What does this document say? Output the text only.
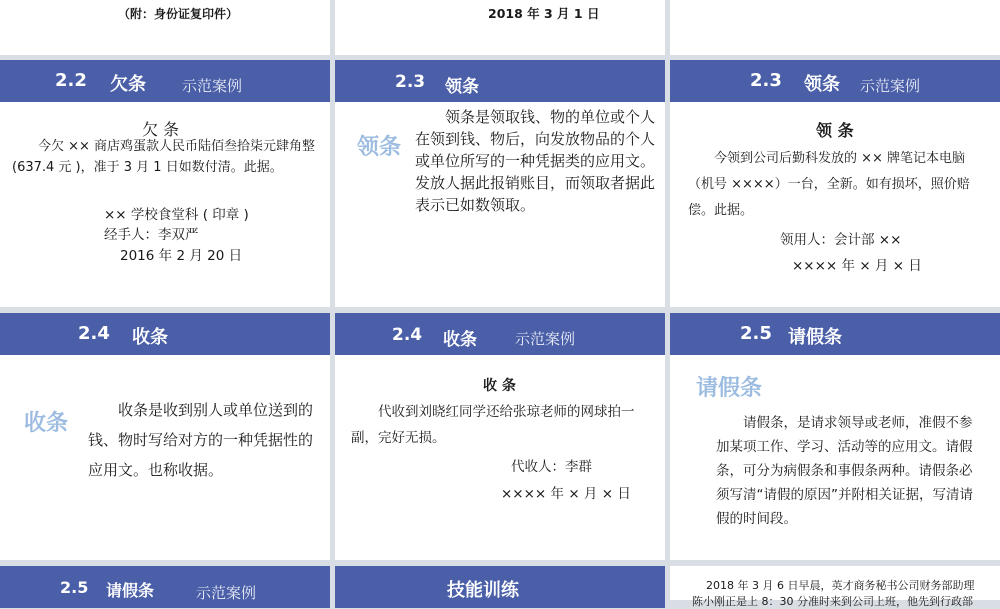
（附：身份证复印件）	2018 年 3 月 1 日
2.2 欠条 示范案例
欠 条
今欠 ×× 商店鸡蛋款人民币陆佰叁拾柒元肆角整 (637.4 元 )，准于 3 月 1 日如数付清。此据。
×× 学校食堂科 ( 印章 )
经手人：李双严
2016 年 2 月 20 日
2.3 领条
领条
领条是领取钱、物的单位或个人在领到钱、物后，向发放物品的个人或单位所写的一种凭据类的应用文。发放人据此报销账目，而领取者据此表示已如数领取。
2.3 领条 示范案例
领 条
今领到公司后勤科发放的 ×× 牌笔记本电脑（机号 ××××）一台，全新。如有损坏，照价赔偿。此据。
领用人：会计部 ××
×××× 年 × 月 × 日
2.4 收条
收条
收条是收到别人或单位送到的钱、物时写给对方的一种凭据性的应用文。也称收据。
2.4 收条	示范案例
收 条
代收到刘晓红同学还给张琼老师的网球拍一副，完好无损。
代收人：李群
×××× 年 × 月 × 日
2.5 请假条
请假条
请假条，是请求领导或老师，准假不参加某项工作、学习、活动等的应用文。请假条，可分为病假条和事假条两种。请假条必须写清“请假的原因”并附相关证据，写清请假的时间段。
2.5 请假条	示范案例	技能训练	2018 年 3 月 6 日早晨，英才商务秘书公司财务部助理
陈小刚正是上 8：30 分准时来到公司上班，他先到行政部
